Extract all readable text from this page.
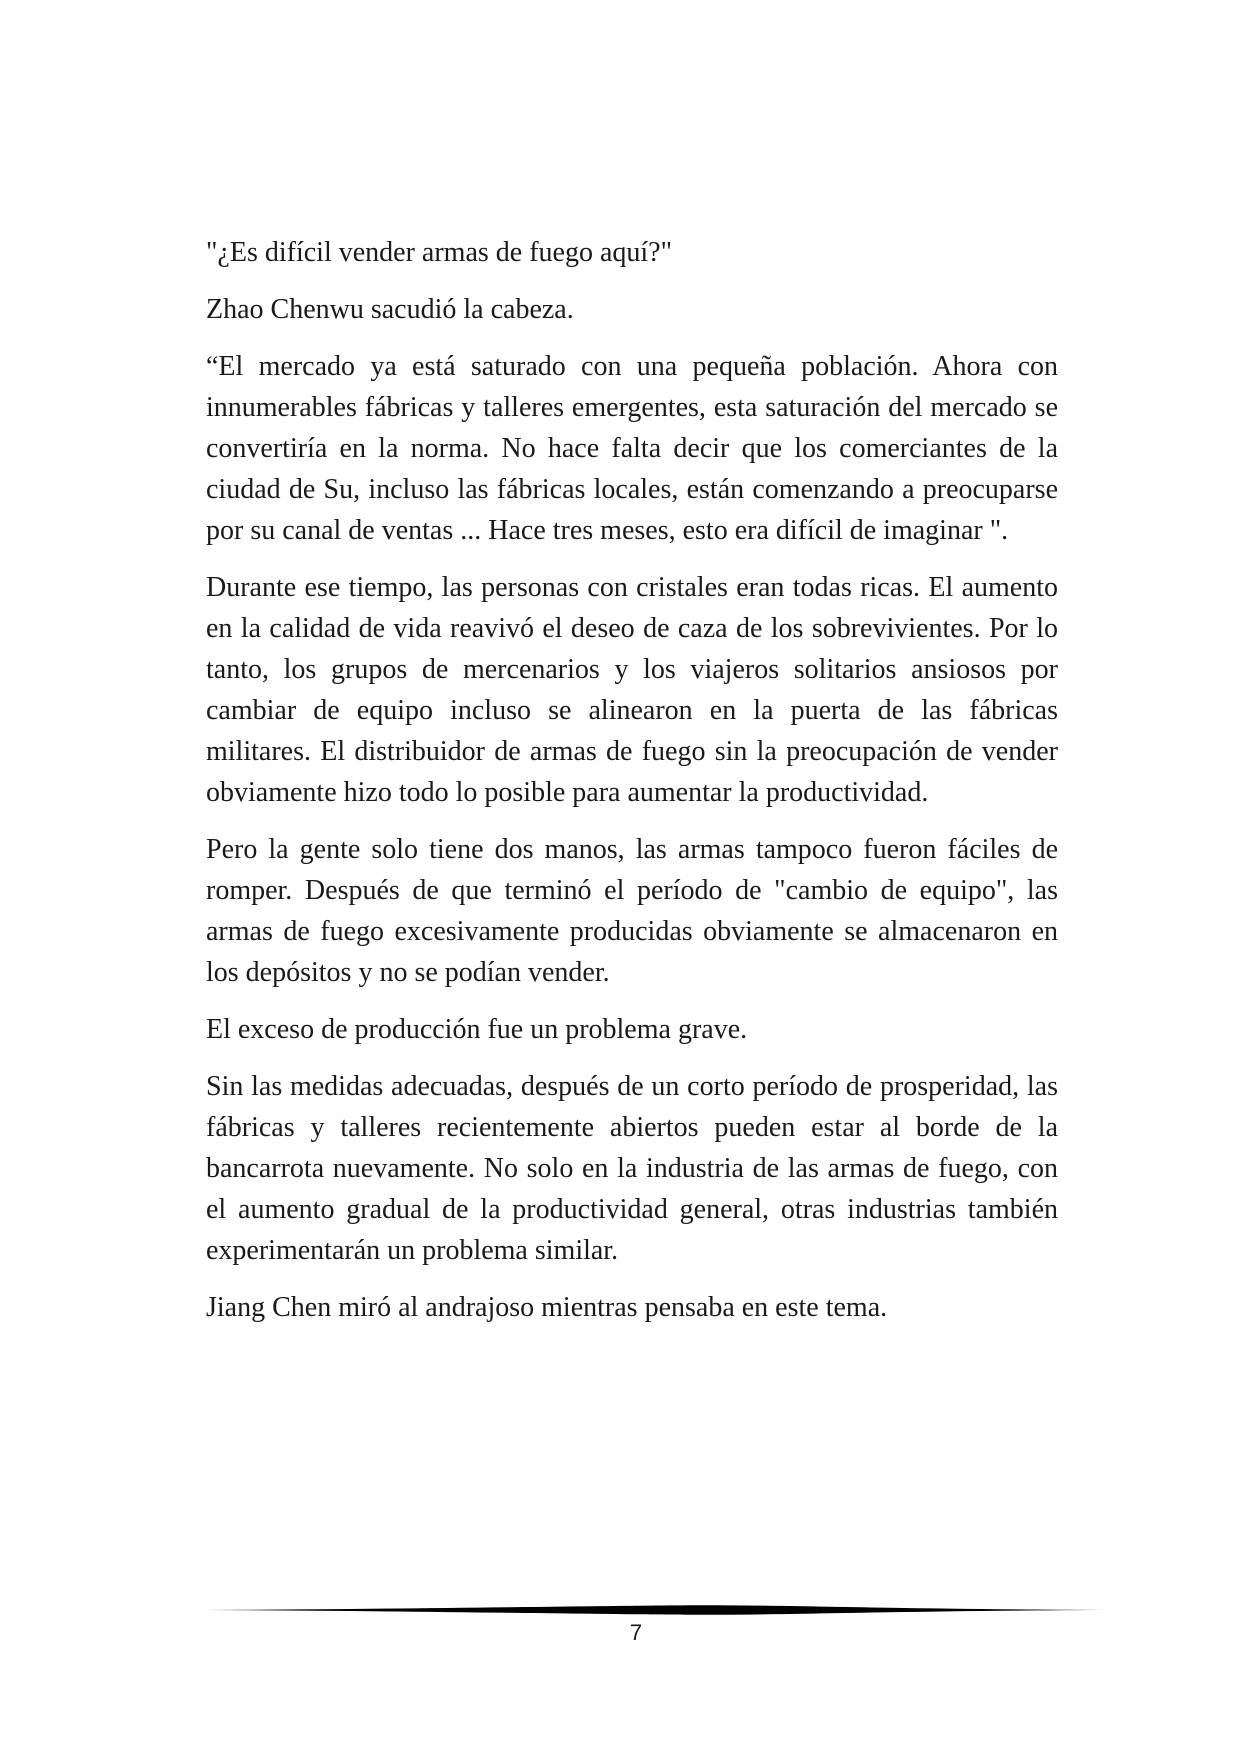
"¿Es difícil vender armas de fuego aquí?"

Zhao Chenwu sacudió la cabeza.

“El mercado ya está saturado con una pequeña población. Ahora con innumerables fábricas y talleres emergentes, esta saturación del mercado se convertiría en la norma. No hace falta decir que los comerciantes de la ciudad de Su, incluso las fábricas locales, están comenzando a preocuparse por su canal de ventas ... Hace tres meses, esto era difícil de imaginar ".

Durante ese tiempo, las personas con cristales eran todas ricas. El aumento en la calidad de vida reavivó el deseo de caza de los sobrevivientes. Por lo tanto, los grupos de mercenarios y los viajeros solitarios ansiosos por cambiar de equipo incluso se alinearon en la puerta de las fábricas militares. El distribuidor de armas de fuego sin la preocupación de vender obviamente hizo todo lo posible para aumentar la productividad.

Pero la gente solo tiene dos manos, las armas tampoco fueron fáciles de romper. Después de que terminó el período de "cambio de equipo", las armas de fuego excesivamente producidas obviamente se almacenaron en los depósitos y no se podían vender.

El exceso de producción fue un problema grave.

Sin las medidas adecuadas, después de un corto período de prosperidad, las fábricas y talleres recientemente abiertos pueden estar al borde de la bancarrota nuevamente. No solo en la industria de las armas de fuego, con el aumento gradual de la productividad general, otras industrias también experimentarán un problema similar.

Jiang Chen miró al andrajoso mientras pensaba en este tema.

7
